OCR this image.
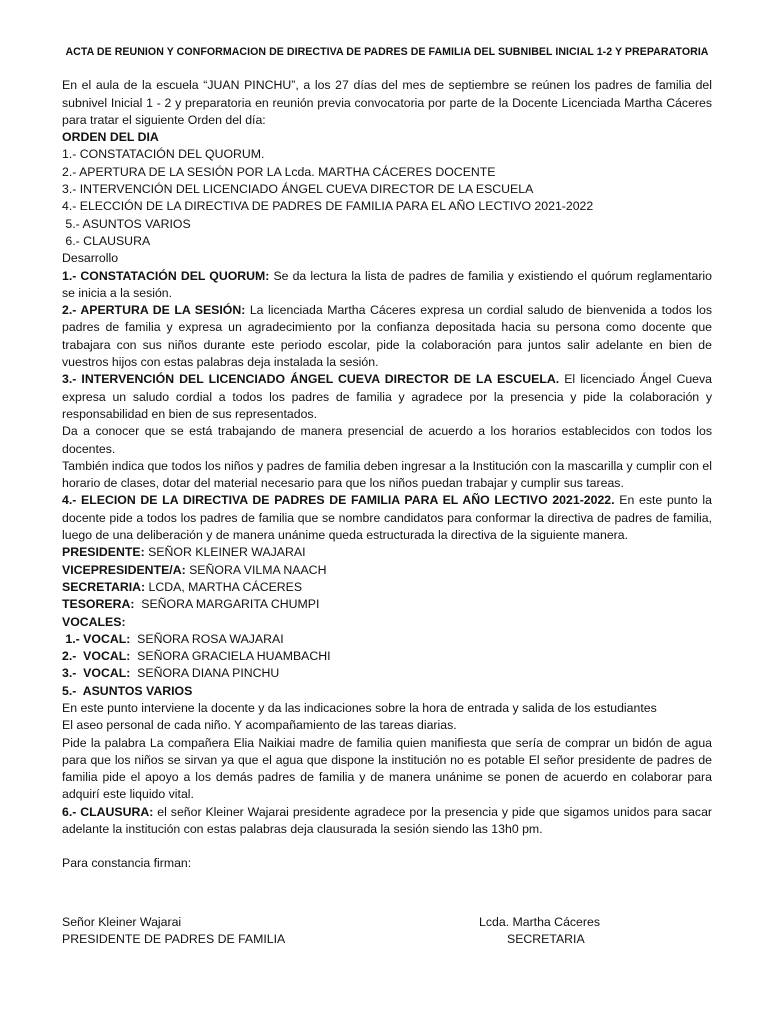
ACTA DE REUNION Y CONFORMACION DE DIRECTIVA DE PADRES DE FAMILIA DEL SUBNIBEL INICIAL 1-2 Y PREPARATORIA

En el aula de la escuela “JUAN PINCHU”, a los 27 días del mes de septiembre se reúnen los padres de familia del subnivel Inicial 1 - 2 y preparatoria en reunión previa convocatoria por parte de la Docente Licenciada Martha Cáceres para tratar el siguiente Orden del día:

ORDEN DEL DIA

1.- CONSTATACIÓN DEL QUORUM.

2.- APERTURA DE LA SESIÓN POR LA Lcda. MARTHA CÁCERES DOCENTE

3.- INTERVENCIÓN DEL LICENCIADO ÁNGEL CUEVA DIRECTOR DE LA ESCUELA

4.- ELECCIÓN DE LA DIRECTIVA DE PADRES DE FAMILIA PARA EL AÑO LECTIVO 2021-2022

5.- ASUNTOS VARIOS

6.- CLAUSURA

Desarrollo

1.- CONSTATACIÓN DEL QUORUM: Se da lectura la lista de padres de familia y existiendo el quórum reglamentario se inicia a la sesión.

2.- APERTURA DE LA SESIÓN: La licenciada Martha Cáceres expresa un cordial saludo de bienvenida a todos los padres de familia y expresa un agradecimiento por la confianza depositada hacia su persona como docente que trabajara con sus niños durante este periodo escolar, pide la colaboración para juntos salir adelante en bien de vuestros hijos con estas palabras deja instalada la sesión.

3.- INTERVENCIÓN DEL LICENCIADO ÁNGEL CUEVA DIRECTOR DE LA ESCUELA. El licenciado Ángel Cueva expresa un saludo cordial a todos los padres de familia y agradece por la presencia y pide la colaboración y responsabilidad en bien de sus representados.

Da a conocer que se está trabajando de manera presencial de acuerdo a los horarios establecidos con todos los docentes.

También indica que todos los niños y padres de familia deben ingresar a la Institución con la mascarilla y cumplir con el horario de clases, dotar del material necesario para que los niños puedan trabajar y cumplir sus tareas.

4.- ELECION DE LA DIRECTIVA DE PADRES DE FAMILIA PARA EL AÑO LECTIVO 2021-2022. En este punto la docente pide a todos los padres de familia que se nombre candidatos para conformar la directiva de padres de familia, luego de una deliberación y de manera unánime queda estructurada la directiva de la siguiente manera.

PRESIDENTE: SEÑOR KLEINER WAJARAI

VICEPRESIDENTE/A: SEÑORA VILMA NAACH

SECRETARIA: LCDA, MARTHA CÁCERES

TESORERA:  SEÑORA MARGARITA CHUMPI

VOCALES:

1.- VOCAL:  SEÑORA ROSA WAJARAI

2.-  VOCAL:  SEÑORA GRACIELA HUAMBACHI

3.-  VOCAL:  SEÑORA DIANA PINCHU

5.-  ASUNTOS VARIOS

En este punto interviene la docente y da las indicaciones sobre la hora de entrada y salida de los estudiantes

El aseo personal de cada niño. Y acompañamiento de las tareas diarias.

Pide la palabra La compañera Elia Naikiai madre de familia quien manifiesta que sería de comprar un bidón de agua para que los niños se sirvan ya que el agua que dispone la institución no es potable El señor presidente de padres de familia pide el apoyo a los demás padres de familia y de manera unánime se ponen de acuerdo en colaborar para adquirí este liquido vital.

6.- CLAUSURA: el señor Kleiner Wajarai presidente agradece por la presencia y pide que sigamos unidos para sacar adelante la institución con estas palabras deja clausurada la sesión siendo las 13h0 pm.

Para constancia firman:

Señor Kleiner Wajarai
PRESIDENTE DE PADRES DE FAMILIA
Lcda. Martha Cáceres
SECRETARIA
